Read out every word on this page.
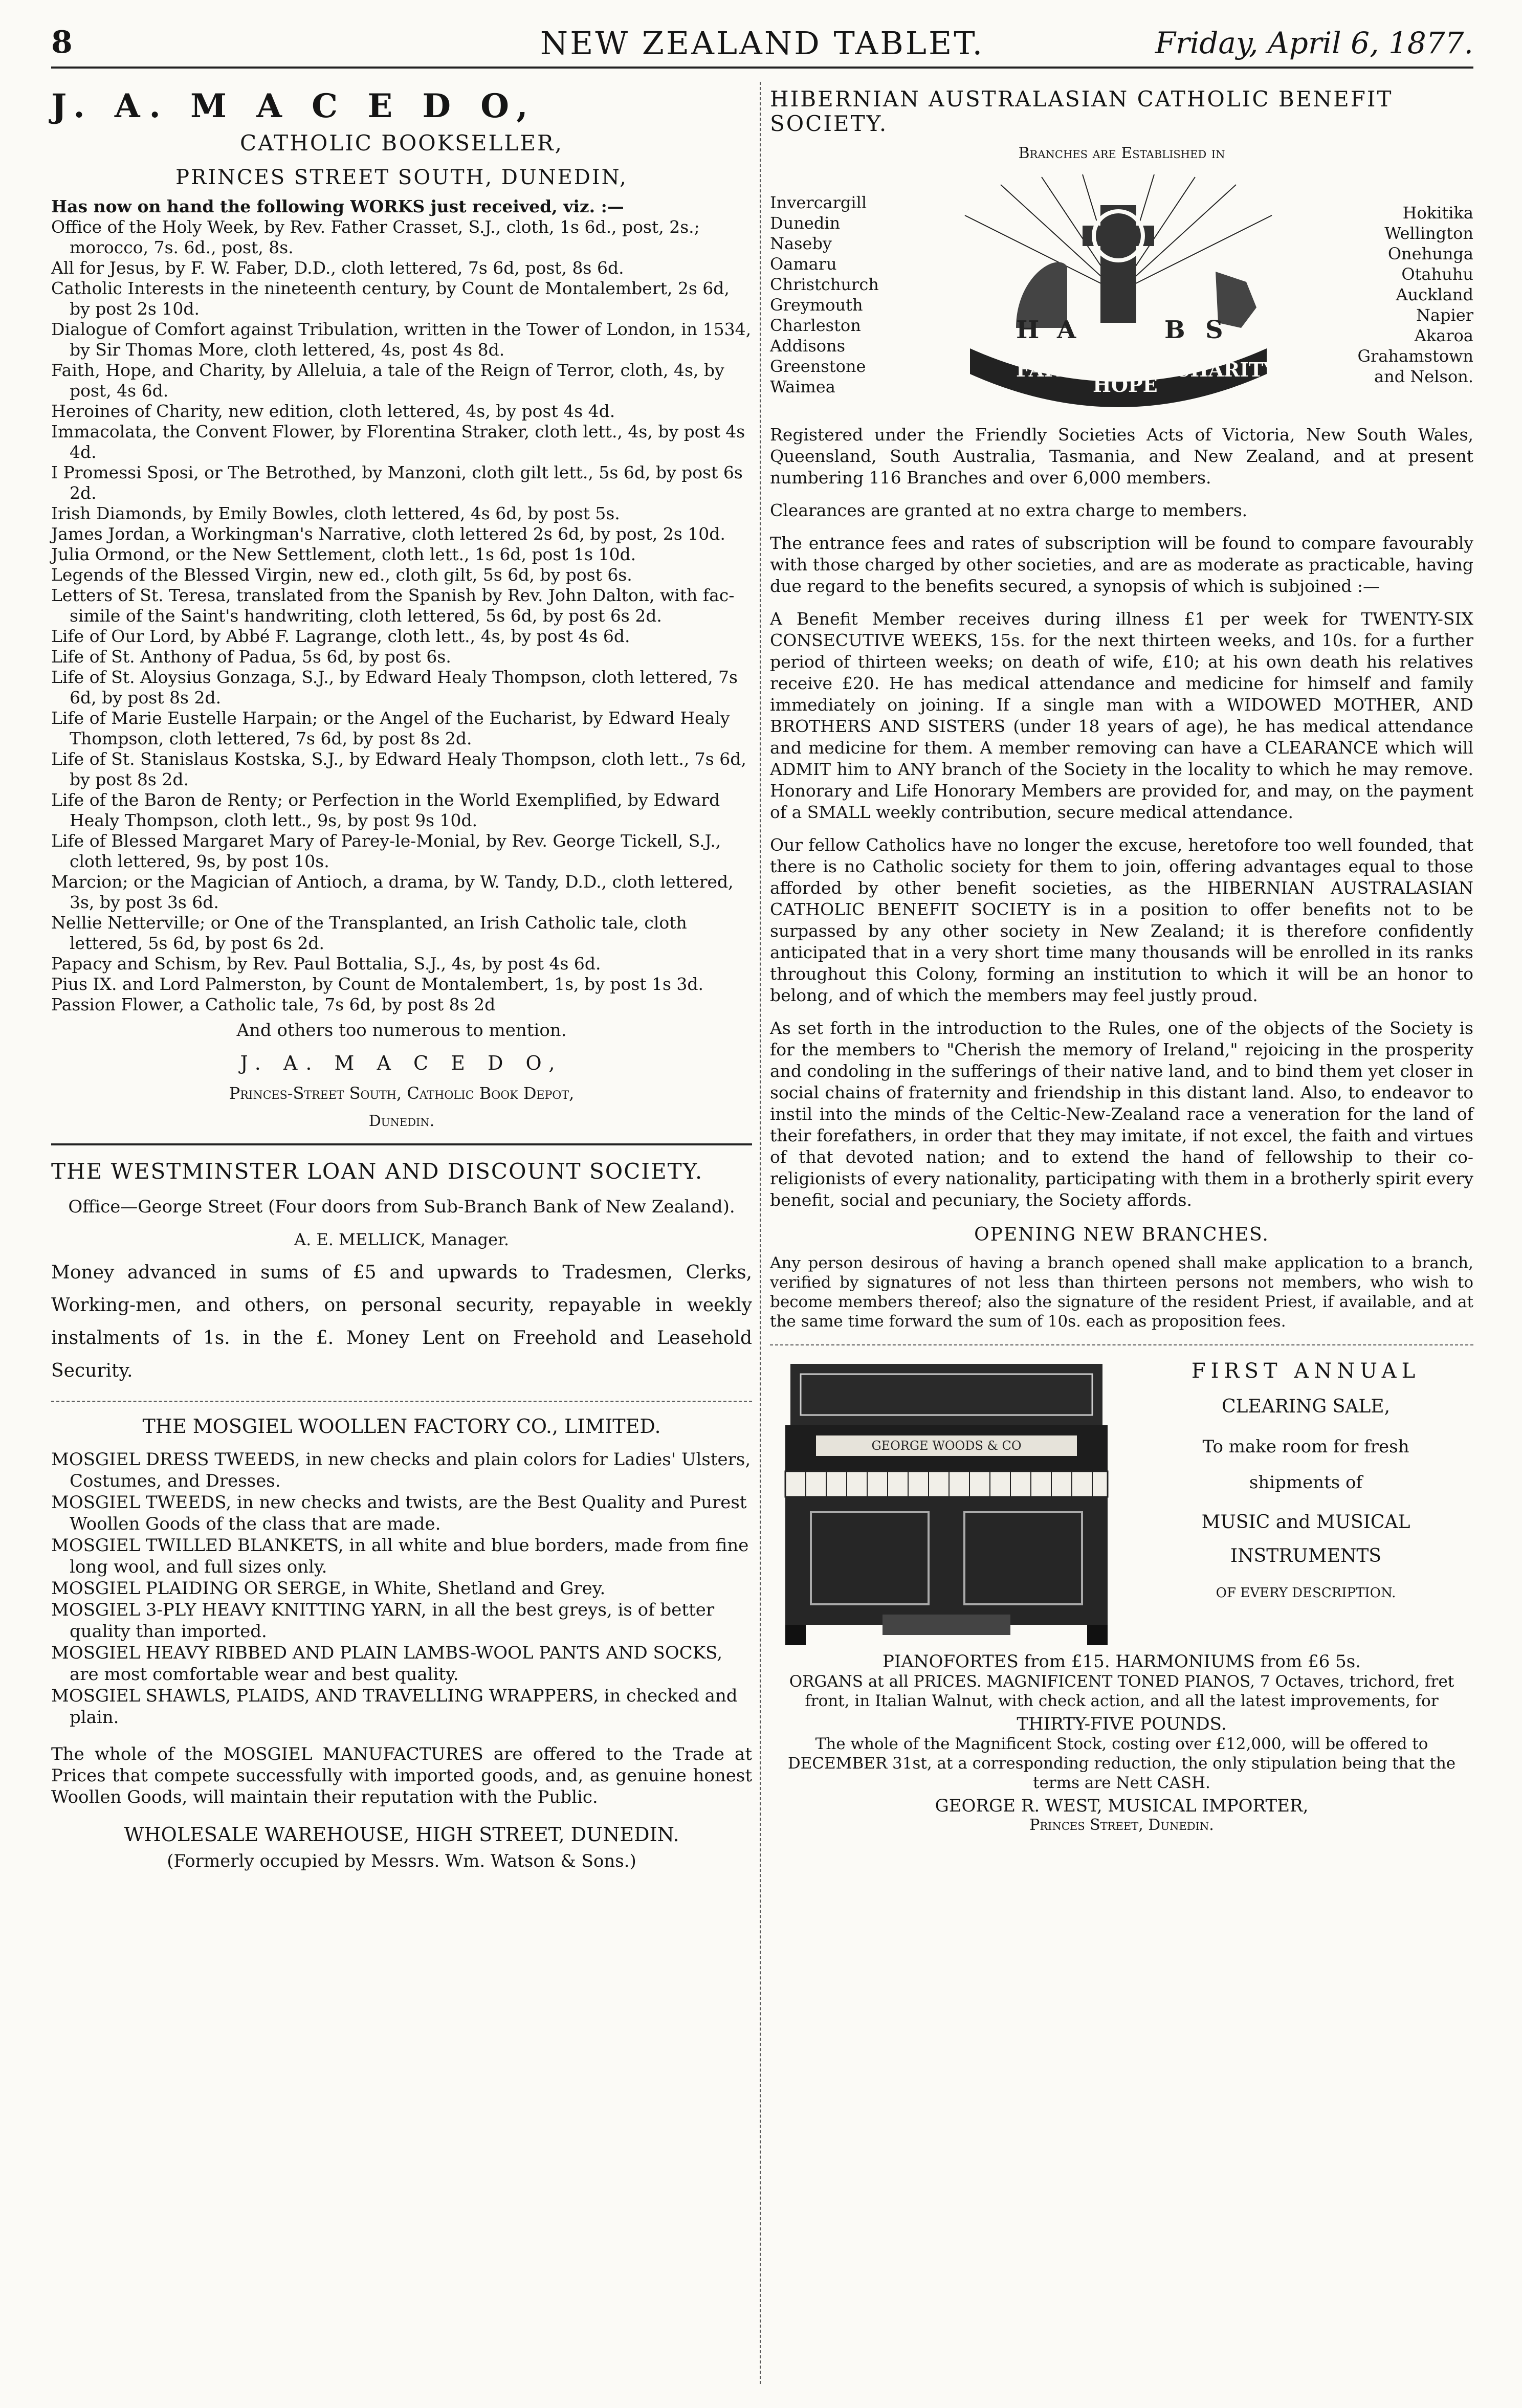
8	NEW ZEALAND TABLET.	Friday, April 6, 1877.
J. A. M A C E D O,
CATHOLIC BOOKSELLER,
PRINCES STREET SOUTH, DUNEDIN,

Has now on hand the following WORKS just received, viz. :—

Office of the Holy Week, by Rev. Father Crasset, S.J., cloth, 1s 6d., post, 2s.; morocco, 7s. 6d., post, 8s.

All for Jesus, by F. W. Faber, D.D., cloth lettered, 7s 6d, post, 8s 6d.

Catholic Interests in the nineteenth century, by Count de Montalembert, 2s 6d, by post 2s 10d.

Dialogue of Comfort against Tribulation, written in the Tower of London, in 1534, by Sir Thomas More, cloth lettered, 4s, post 4s 8d.

Faith, Hope, and Charity, by Alleluia, a tale of the Reign of Terror, cloth, 4s, by post, 4s 6d.

Heroines of Charity, new edition, cloth lettered, 4s, by post 4s 4d.

Immacolata, the Convent Flower, by Florentina Straker, cloth lett., 4s, by post 4s 4d.

I Promessi Sposi, or The Betrothed, by Manzoni, cloth gilt lett., 5s 6d, by post 6s 2d.

Irish Diamonds, by Emily Bowles, cloth lettered, 4s 6d, by post 5s.

James Jordan, a Workingman's Narrative, cloth lettered 2s 6d, by post, 2s 10d.

Julia Ormond, or the New Settlement, cloth lett., 1s 6d, post 1s 10d.

Legends of the Blessed Virgin, new ed., cloth gilt, 5s 6d, by post 6s.

Letters of St. Teresa, translated from the Spanish by Rev. John Dalton, with fac-simile of the Saint's handwriting, cloth lettered, 5s 6d, by post 6s 2d.

Life of Our Lord, by Abbé F. Lagrange, cloth lett., 4s, by post 4s 6d.

Life of St. Anthony of Padua, 5s 6d, by post 6s.

Life of St. Aloysius Gonzaga, S.J., by Edward Healy Thompson, cloth lettered, 7s 6d, by post 8s 2d.

Life of Marie Eustelle Harpain; or the Angel of the Eucharist, by Edward Healy Thompson, cloth lettered, 7s 6d, by post 8s 2d.

Life of St. Stanislaus Kostska, S.J., by Edward Healy Thompson, cloth lett., 7s 6d, by post 8s 2d.

Life of the Baron de Renty; or Perfection in the World Exemplified, by Edward Healy Thompson, cloth lett., 9s, by post 9s 10d.

Life of Blessed Margaret Mary of Parey-le-Monial, by Rev. George Tickell, S.J., cloth lettered, 9s, by post 10s.

Marcion; or the Magician of Antioch, a drama, by W. Tandy, D.D., cloth lettered, 3s, by post 3s 6d.

Nellie Netterville; or One of the Transplanted, an Irish Catholic tale, cloth lettered, 5s 6d, by post 6s 2d.

Papacy and Schism, by Rev. Paul Bottalia, S.J., 4s, by post 4s 6d.

Pius IX. and Lord Palmerston, by Count de Montalembert, 1s, by post 1s 3d.

Passion Flower, a Catholic tale, 7s 6d, by post 8s 2d

And others too numerous to mention.

J. A. M A C E D O,

Princes-Street South, Catholic Book Depot,

Dunedin.

THE WESTMINSTER LOAN AND DISCOUNT SOCIETY.

Office—George Street (Four doors from Sub-Branch Bank of New Zealand).

A. E. MELLICK, Manager.

Money advanced in sums of £5 and upwards to Tradesmen, Clerks, Working-men, and others, on personal security, repayable in weekly instalments of 1s. in the £. Money Lent on Freehold and Leasehold Security.

THE MOSGIEL WOOLLEN FACTORY CO., LIMITED.

MOSGIEL DRESS TWEEDS, in new checks and plain colors for Ladies' Ulsters, Costumes, and Dresses.

MOSGIEL TWEEDS, in new checks and twists, are the Best Quality and Purest Woollen Goods of the class that are made.

MOSGIEL TWILLED BLANKETS, in all white and blue borders, made from fine long wool, and full sizes only.

MOSGIEL PLAIDING OR SERGE, in White, Shetland and Grey.

MOSGIEL 3-PLY HEAVY KNITTING YARN, in all the best greys, is of better quality than imported.

MOSGIEL HEAVY RIBBED AND PLAIN LAMBS-WOOL PANTS AND SOCKS, are most comfortable wear and best quality.

MOSGIEL SHAWLS, PLAIDS, AND TRAVELLING WRAPPERS, in checked and plain.

The whole of the MOSGIEL MANUFACTURES are offered to the Trade at Prices that compete successfully with imported goods, and, as genuine honest Woollen Goods, will maintain their reputation with the Public.

WHOLESALE WAREHOUSE, HIGH STREET, DUNEDIN.

(Formerly occupied by Messrs. Wm. Watson & Sons.)

HIBERNIAN AUSTRALASIAN CATHOLIC BENEFIT SOCIETY.

Branches are Established in

Invercargill
Dunedin
Naseby
Oamaru
Christchurch
Greymouth
Charleston
Addisons
Greenstone
Waimea
FAITH
HOPE
CHARITY
H A	B S
Hokitika
Wellington
Onehunga
Otahuhu
Auckland
Napier
Akaroa
Grahamstown
and Nelson.

Registered under the Friendly Societies Acts of Victoria, New South Wales, Queensland, South Australia, Tasmania, and New Zealand, and at present numbering 116 Branches and over 6,000 members.

Clearances are granted at no extra charge to members.

The entrance fees and rates of subscription will be found to compare favourably with those charged by other societies, and are as moderate as practicable, having due regard to the benefits secured, a synopsis of which is subjoined :—

A Benefit Member receives during illness £1 per week for TWENTY-SIX CONSECUTIVE WEEKS, 15s. for the next thirteen weeks, and 10s. for a further period of thirteen weeks; on death of wife, £10; at his own death his relatives receive £20. He has medical attendance and medicine for himself and family immediately on joining. If a single man with a WIDOWED MOTHER, AND BROTHERS AND SISTERS (under 18 years of age), he has medical attendance and medicine for them. A member removing can have a CLEARANCE which will ADMIT him to ANY branch of the Society in the locality to which he may remove. Honorary and Life Honorary Members are provided for, and may, on the payment of a SMALL weekly contribution, secure medical attendance.

Our fellow Catholics have no longer the excuse, heretofore too well founded, that there is no Catholic society for them to join, offering advantages equal to those afforded by other benefit societies, as the HIBERNIAN AUSTRALASIAN CATHOLIC BENEFIT SOCIETY is in a position to offer benefits not to be surpassed by any other society in New Zealand; it is therefore confidently anticipated that in a very short time many thousands will be enrolled in its ranks throughout this Colony, forming an institution to which it will be an honor to belong, and of which the members may feel justly proud.

As set forth in the introduction to the Rules, one of the objects of the Society is for the members to "Cherish the memory of Ireland," rejoicing in the prosperity and condoling in the sufferings of their native land, and to bind them yet closer in social chains of fraternity and friendship in this distant land. Also, to endeavor to instil into the minds of the Celtic-New-Zealand race a veneration for the land of their forefathers, in order that they may imitate, if not excel, the faith and virtues of that devoted nation; and to extend the hand of fellowship to their co-religionists of every nationality, participating with them in a brotherly spirit every benefit, social and pecuniary, the Society affords.

OPENING NEW BRANCHES.

Any person desirous of having a branch opened shall make application to a branch, verified by signatures of not less than thirteen persons not members, who wish to become members thereof; also the signature of the resident Priest, if available, and at the same time forward the sum of 10s. each as proposition fees.

GEORGE WOODS & CO
FIRST ANNUAL
CLEARING SALE,
To make room for fresh
shipments of
MUSIC and MUSICAL
INSTRUMENTS
OF EVERY DESCRIPTION.

PIANOFORTES from £15. HARMONIUMS from £6 5s.

ORGANS at all PRICES. MAGNIFICENT TONED PIANOS, 7 Octaves, trichord, fret front, in Italian Walnut, with check action, and all the latest improvements, for

THIRTY-FIVE POUNDS.

The whole of the Magnificent Stock, costing over £12,000, will be offered to DECEMBER 31st, at a corresponding reduction, the only stipulation being that the terms are Nett CASH.

GEORGE R. WEST, MUSICAL IMPORTER,

Princes Street, Dunedin.
